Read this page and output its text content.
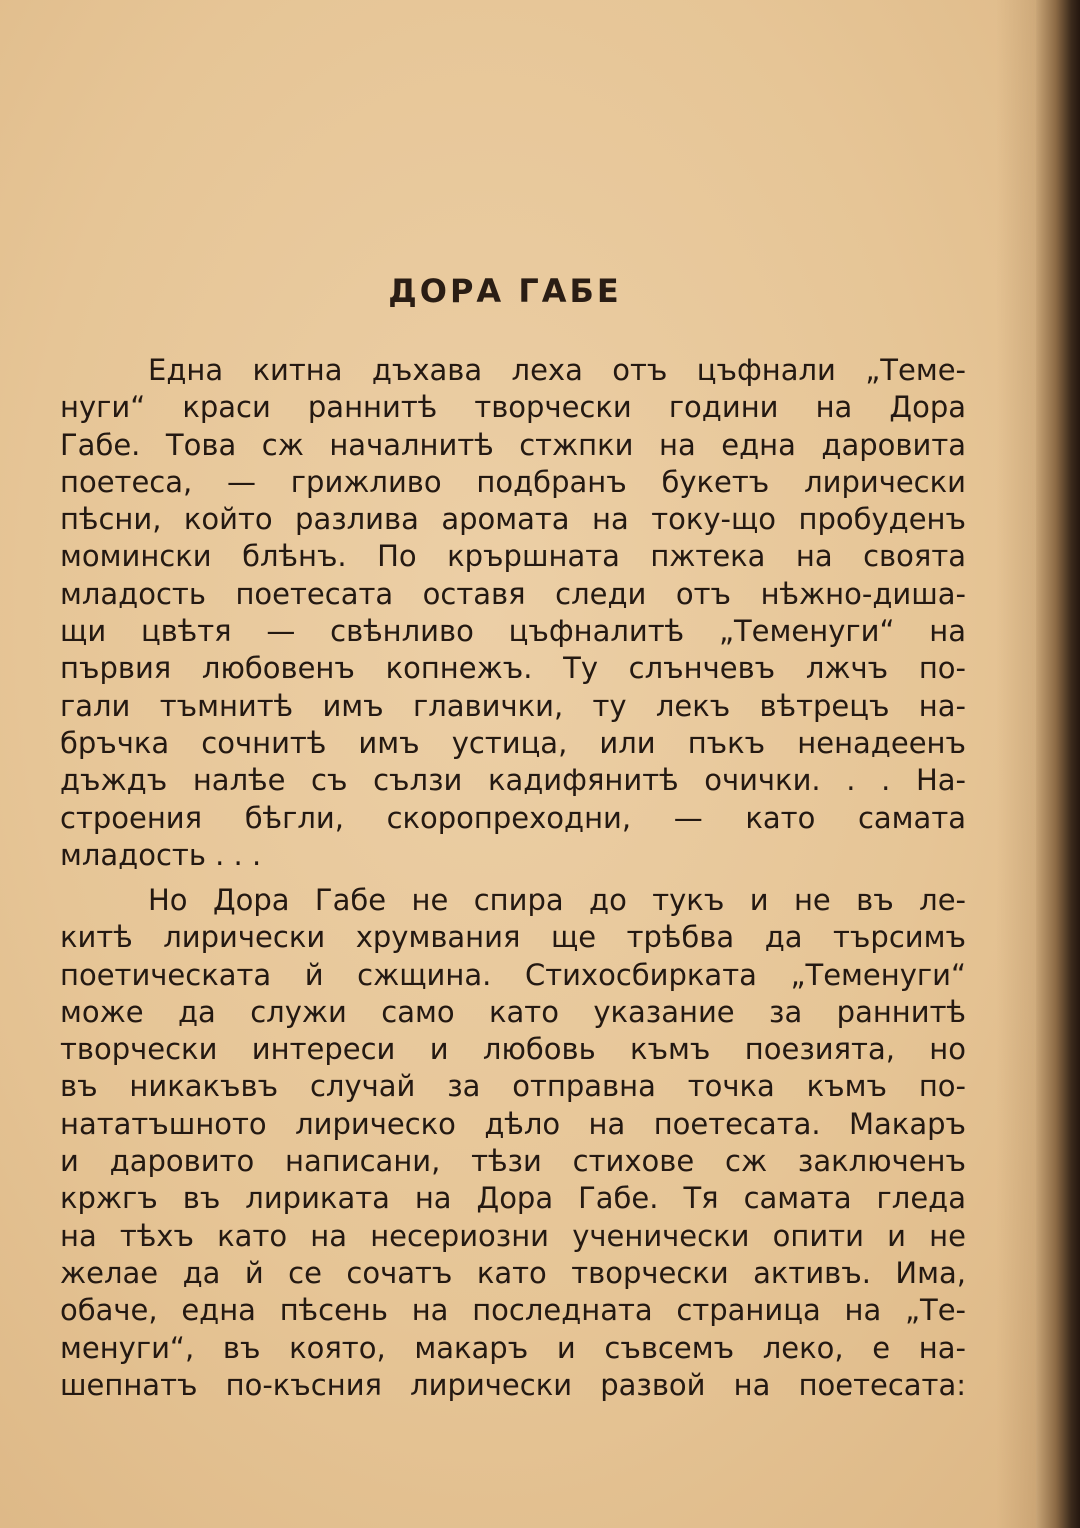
ДОРА ГАБЕ
Една китна дъхава леха отъ цъфнали „Теме-
нуги“ краси раннитѣ творчески години на Дора
Габе. Това сж началнитѣ стжпки на една даровита
поетеса, — грижливо подбранъ букетъ лирически
пѣсни, който разлива аромата на току-що пробуденъ
момински блѣнъ. По крършната пжтека на своята
младость поетесата оставя следи отъ нѣжно-диша-
щи цвѣтя — свѣнливо цъфналитѣ „Теменуги“ на
първия любовенъ копнежъ. Ту слънчевъ лжчъ по-
гали тъмнитѣ имъ главички, ту лекъ вѣтрецъ на-
бръчка сочнитѣ имъ устица, или пъкъ ненадеенъ
дъждъ налѣе съ сълзи кадифянитѣ очички. . . На-
строения бѣгли, скоропреходни, — като самата
младость . . .
Но Дора Габе не спира до тукъ и не въ ле-
китѣ лирически хрумвания ще трѣбва да търсимъ
поетическата й сжщина. Стихосбирката „Теменуги“
може да служи само като указание за раннитѣ
творчески интереси и любовь къмъ поезията, но
въ никакъвъ случай за отправна точка къмъ по-
нататъшното лирическо дѣло на поетесата. Макаръ
и даровито написани, тѣзи стихове сж заключенъ
кржгъ въ лириката на Дора Габе. Тя самата гледа
на тѣхъ като на несериозни ученически опити и не
желае да й се сочатъ като творчески активъ. Има,
обаче, една пѣсень на последната страница на „Те-
менуги“, въ която, макаръ и съвсемъ леко, е на-
шепнатъ по-късния лирически развой на поетесата:
